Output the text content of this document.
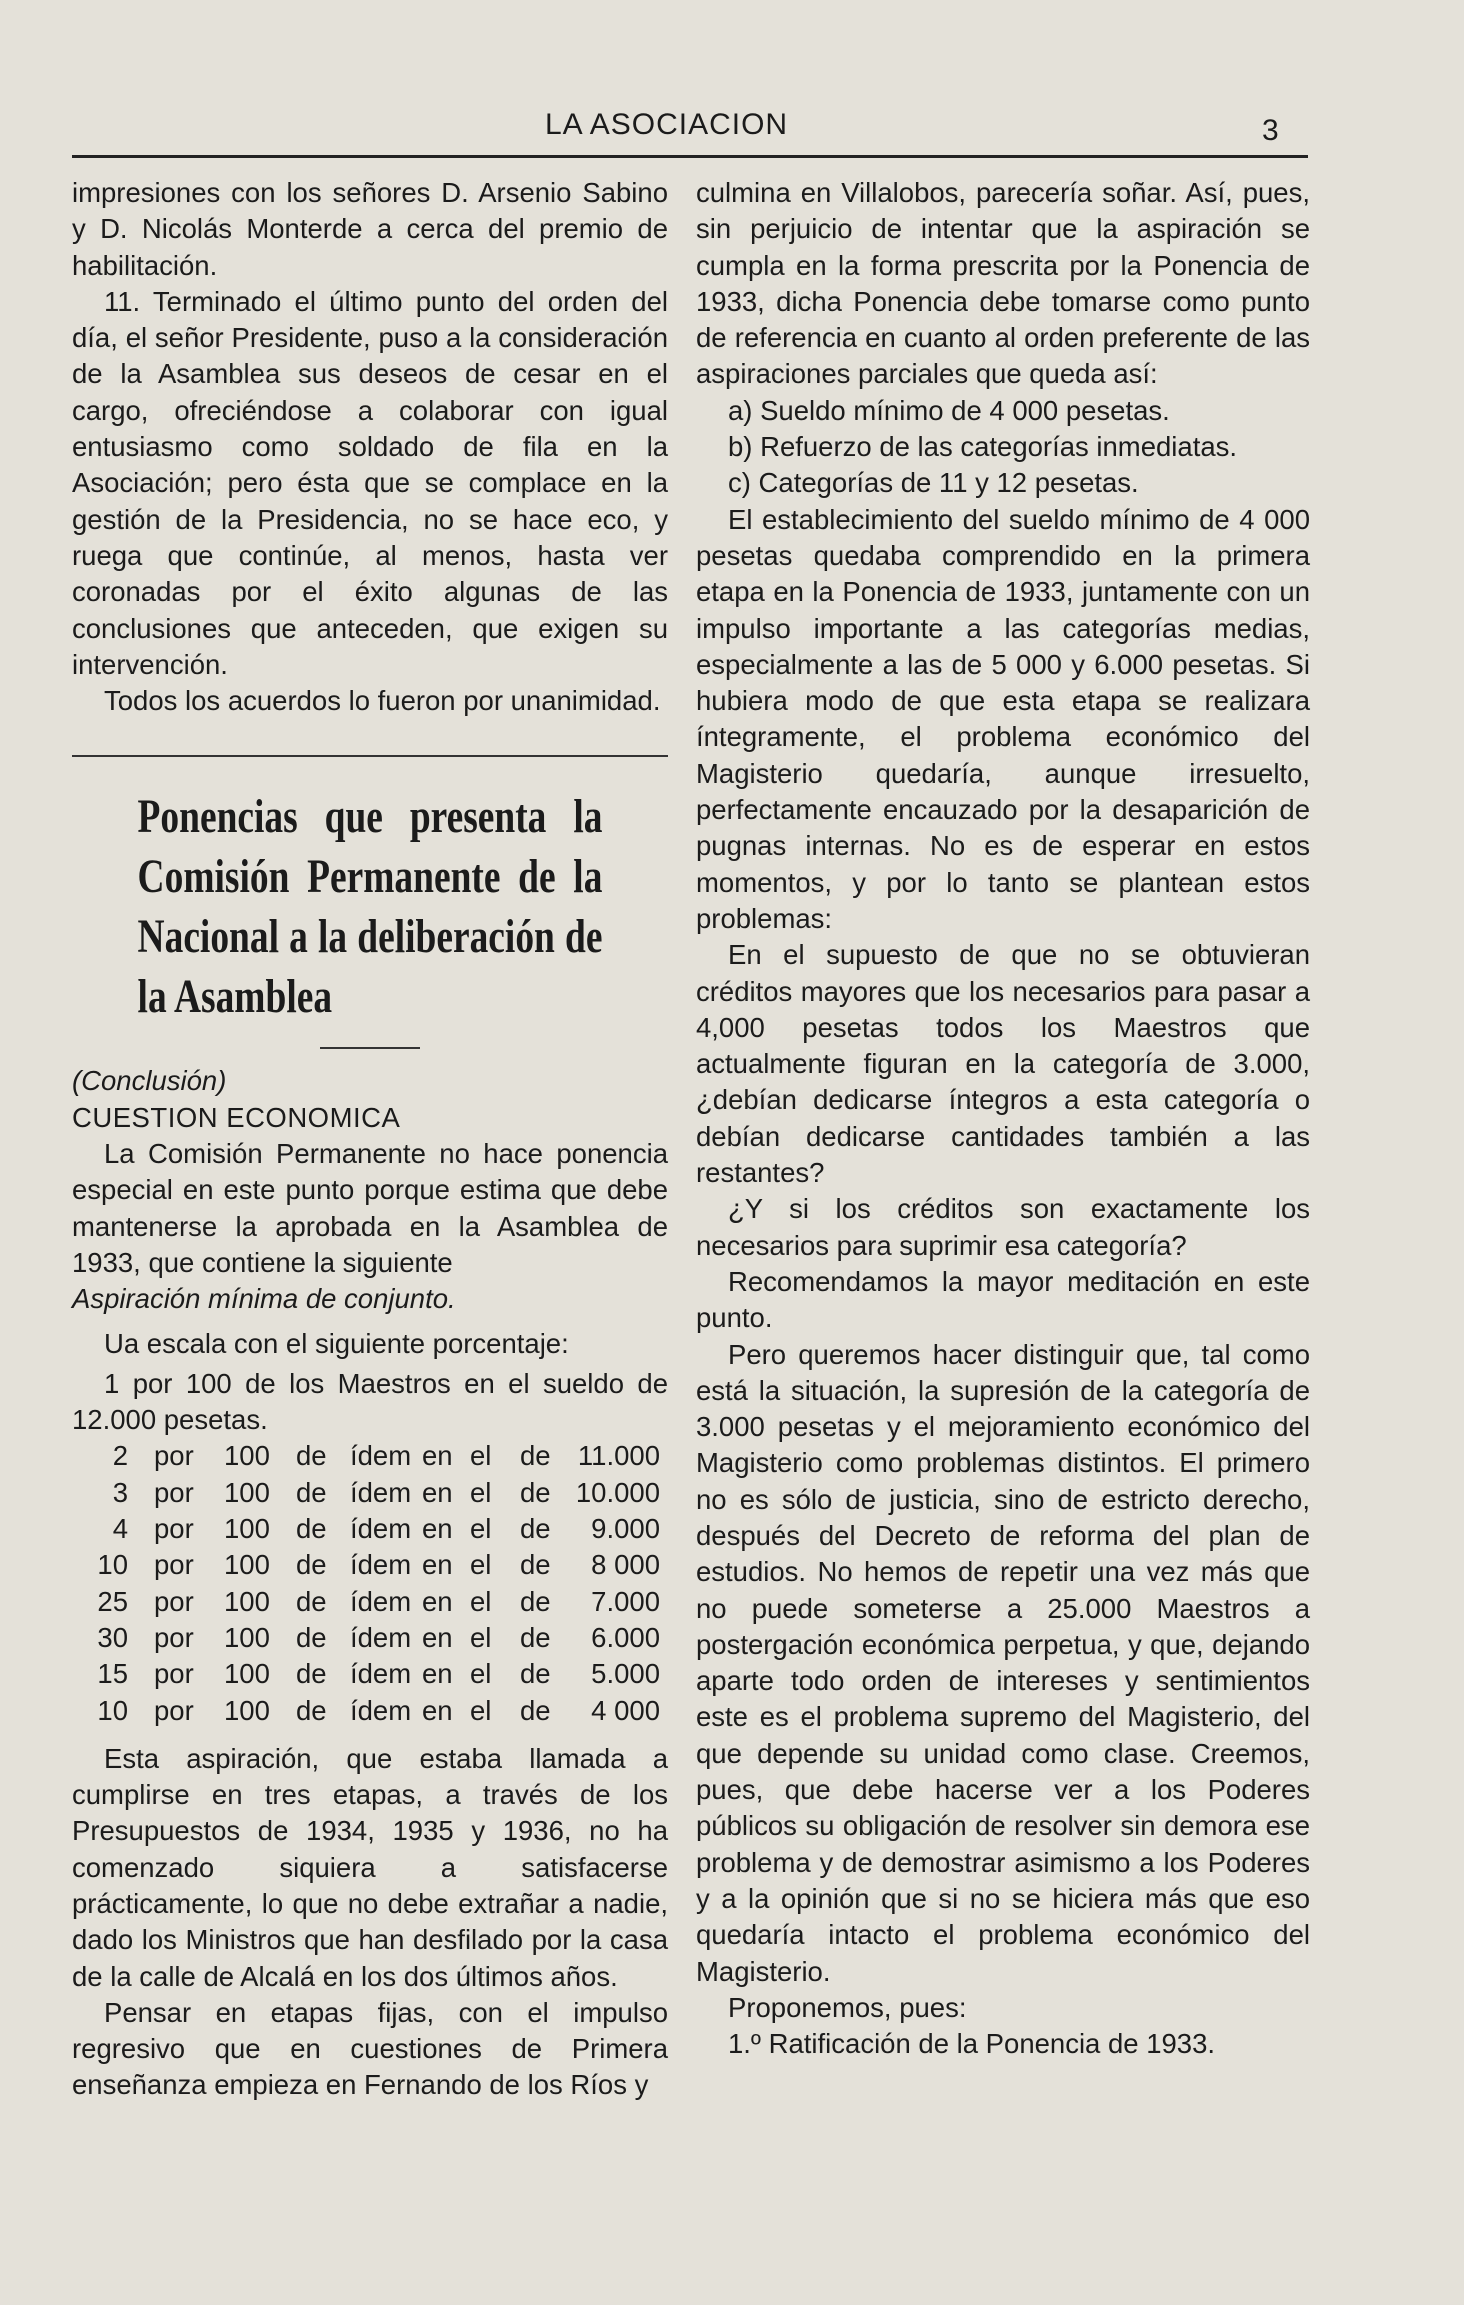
LA ASOCIACION	3

impresiones con los señores D. Arsenio Sabino y D. Nicolás Monterde a cerca del premio de habilitación.

11. Terminado el último punto del orden del día, el señor Presidente, puso a la consideración de la Asamblea sus deseos de cesar en el cargo, ofreciéndose a colaborar con igual entusiasmo como soldado de fila en la Asociación; pero ésta que se complace en la gestión de la Presidencia, no se hace eco, y ruega que continúe, al menos, hasta ver coronadas por el éxito algunas de las conclusiones que anteceden, que exigen su intervención.

Todos los acuerdos lo fueron por unanimidad.

Ponencias que presenta la Comisión Permanente de la Nacional a la deliberación de la Asamblea

(Conclusión)

CUESTION ECONOMICA

La Comisión Permanente no hace ponencia especial en este punto porque estima que debe mantenerse la aprobada en la Asamblea de 1933, que contiene la siguiente

Aspiración mínima de conjunto.

Ua escala con el siguiente porcentaje:

1 por 100 de los Maestros en el sueldo de 12.000 pesetas.

2 por 100 de ídem en el de 11.000
3 por 100 de ídem en el de 10.000
4 por 100 de ídem en el de	9.000
10 por 100 de ídem en el de	8 000
25 por 100 de ídem en el de	7.000
30 por 100 de ídem en el de	6.000
15 por 100 de ídem en el de	5.000
10 por 100 de ídem en el de	4 000

Esta aspiración, que estaba llamada a cumplirse en tres etapas, a través de los Presupuestos de 1934, 1935 y 1936, no ha comenzado siquiera a satisfacerse prácticamente, lo que no debe extrañar a nadie, dado los Ministros que han desfilado por la casa de la calle de Alcalá en los dos últimos años.

Pensar en etapas fijas, con el impulso regresivo que en cuestiones de Primera enseñanza empieza en Fernando de los Ríos y

culmina en Villalobos, parecería soñar. Así, pues, sin perjuicio de intentar que la aspiración se cumpla en la forma prescrita por la Ponencia de 1933, dicha Ponencia debe tomarse como punto de referencia en cuanto al orden preferente de las aspiraciones parciales que queda así:

a) Sueldo mínimo de 4 000 pesetas.

b) Refuerzo de las categorías inmediatas.

c) Categorías de 11 y 12 pesetas.

El establecimiento del sueldo mínimo de 4 000 pesetas quedaba comprendido en la primera etapa en la Ponencia de 1933, juntamente con un impulso importante a las categorías medias, especialmente a las de 5 000 y 6.000 pesetas. Si hubiera modo de que esta etapa se realizara íntegramente, el problema económico del Magisterio quedaría, aunque irresuelto, perfectamente encauzado por la desaparición de pugnas internas. No es de esperar en estos momentos, y por lo tanto se plantean estos problemas:

En el supuesto de que no se obtuvieran créditos mayores que los necesarios para pasar a 4,000 pesetas todos los Maestros que actualmente figuran en la categoría de 3.000, ¿debían dedicarse íntegros a esta categoría o debían dedicarse cantidades también a las restantes?

¿Y si los créditos son exactamente los necesarios para suprimir esa categoría?

Recomendamos la mayor meditación en este punto.

Pero queremos hacer distinguir que, tal como está la situación, la supresión de la categoría de 3.000 pesetas y el mejoramiento económico del Magisterio como problemas distintos. El primero no es sólo de justicia, sino de estricto derecho, después del Decreto de reforma del plan de estudios. No hemos de repetir una vez más que no puede someterse a 25.000 Maestros a postergación económica perpetua, y que, dejando aparte todo orden de intereses y sentimientos este es el problema supremo del Magisterio, del que depende su unidad como clase. Creemos, pues, que debe hacerse ver a los Poderes públicos su obligación de resolver sin demora ese problema y de demostrar asimismo a los Poderes y a la opinión que si no se hiciera más que eso quedaría intacto el problema económico del Magisterio.

Proponemos, pues:

1.º Ratificación de la Ponencia de 1933.
